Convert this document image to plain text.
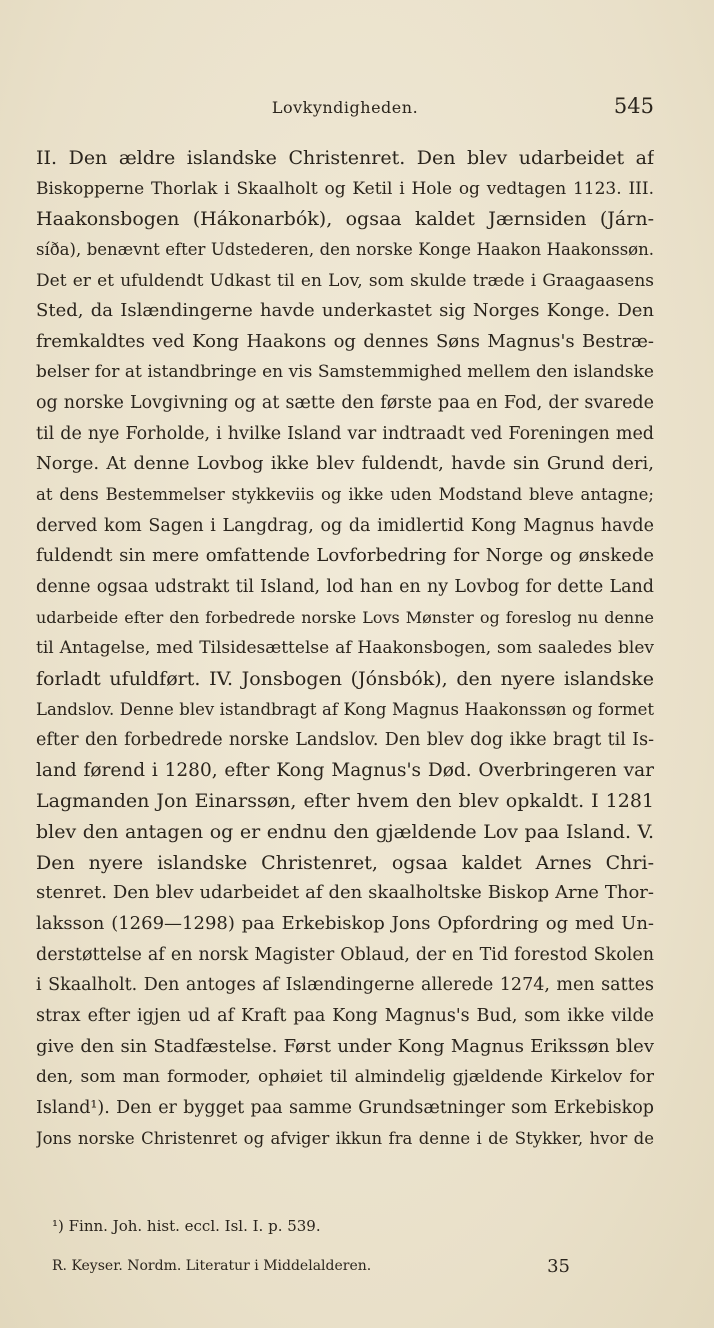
Lovkyndigheden.	545
II. Den ældre islandske Christenret. Den blev udarbeidet af
Biskopperne Thorlak i Skaalholt og Ketil i Hole og vedtagen 1123. III.
Haakonsbogen (Hákonarbók), ogsaa kaldet Jærnsiden (Járn-
síða), benævnt efter Udstederen, den norske Konge Haakon Haakonssøn.
Det er et ufuldendt Udkast til en Lov, som skulde træde i Graagaasens
Sted, da Islændingerne havde underkastet sig Norges Konge. Den
fremkaldtes ved Kong Haakons og dennes Søns Magnus's Bestræ-
belser for at istandbringe en vis Samstemmighed mellem den islandske
og norske Lovgivning og at sætte den første paa en Fod, der svarede
til de nye Forholde, i hvilke Island var indtraadt ved Foreningen med
Norge. At denne Lovbog ikke blev fuldendt, havde sin Grund deri,
at dens Bestemmelser stykkeviis og ikke uden Modstand bleve antagne;
derved kom Sagen i Langdrag, og da imidlertid Kong Magnus havde
fuldendt sin mere omfattende Lovforbedring for Norge og ønskede
denne ogsaa udstrakt til Island, lod han en ny Lovbog for dette Land
udarbeide efter den forbedrede norske Lovs Mønster og foreslog nu denne
til Antagelse, med Tilsidesættelse af Haakonsbogen, som saaledes blev
forladt ufuldført. IV. Jonsbogen (Jónsbók), den nyere islandske
Landslov. Denne blev istandbragt af Kong Magnus Haakonssøn og formet
efter den forbedrede norske Landslov. Den blev dog ikke bragt til Is-
land førend i 1280, efter Kong Magnus's Død. Overbringeren var
Lagmanden Jon Einarssøn, efter hvem den blev opkaldt. I 1281
blev den antagen og er endnu den gjældende Lov paa Island. V.
Den nyere islandske Christenret, ogsaa kaldet Arnes Chri-
stenret. Den blev udarbeidet af den skaalholtske Biskop Arne Thor-
laksson (1269—1298) paa Erkebiskop Jons Opfordring og med Un-
derstøttelse af en norsk Magister Oblaud, der en Tid forestod Skolen
i Skaalholt. Den antoges af Islændingerne allerede 1274, men sattes
strax efter igjen ud af Kraft paa Kong Magnus's Bud, som ikke vilde
give den sin Stadfæstelse. Først under Kong Magnus Erikssøn blev
den, som man formoder, ophøiet til almindelig gjældende Kirkelov for
Island¹). Den er bygget paa samme Grundsætninger som Erkebiskop
Jons norske Christenret og afviger ikkun fra denne i de Stykker, hvor de
¹) Finn. Joh. hist. eccl. Isl. I. p. 539.
R. Keyser. Nordm. Literatur i Middelalderen.	35
